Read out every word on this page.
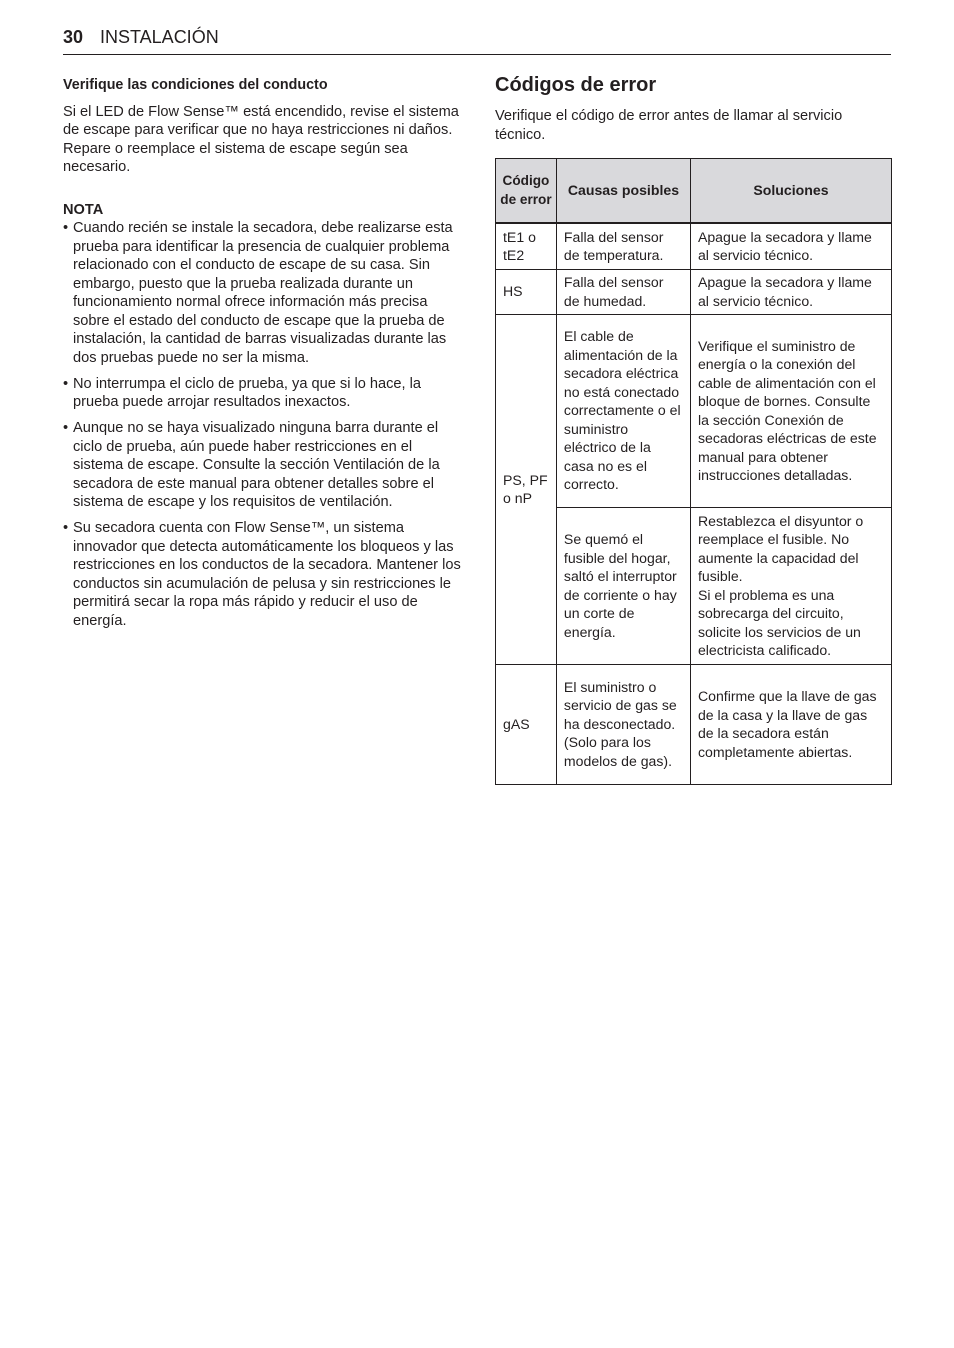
30 INSTALACIÓN

Verifique las condiciones del conducto

Si el LED de Flow Sense™ está encendido, revise el sistema de escape para verificar que no haya restricciones ni daños. Repare o reemplace el sistema de escape según sea necesario.

NOTA

• Cuando recién se instale la secadora, debe realizarse esta prueba para identificar la presencia de cualquier problema relacionado con el conducto de escape de su casa. Sin embargo, puesto que la prueba realizada durante un funcionamiento normal ofrece información más precisa sobre el estado del conducto de escape que la prueba de instalación, la cantidad de barras visualizadas durante las dos pruebas puede no ser la misma.
• No interrumpa el ciclo de prueba, ya que si lo hace, la prueba puede arrojar resultados inexactos.
• Aunque no se haya visualizado ninguna barra durante el ciclo de prueba, aún puede haber restricciones en el sistema de escape. Consulte la sección Ventilación de la secadora de este manual para obtener detalles sobre el sistema de escape y los requisitos de ventilación.
• Su secadora cuenta con Flow Sense™, un sistema innovador que detecta automáticamente los bloqueos y las restricciones en los conductos de la secadora. Mantener los conductos sin acumulación de pelusa y sin restricciones le permitirá secar la ropa más rápido y reducir el uso de energía.
Códigos de error

Verifique el código de error antes de llamar al servicio técnico.

Código de error	Causas posibles	Soluciones
tE1 o tE2	Falla del sensor de temperatura.	Apague la secadora y llame al servicio técnico.
HS	Falla del sensor de humedad.	Apague la secadora y llame al servicio técnico.
PS, PF o nP	El cable de alimentación de la secadora eléctrica no está conectado correctamente o el suministro eléctrico de la casa no es el correcto.	Verifique el suministro de energía o la conexión del cable de alimentación con el bloque de bornes. Consulte la sección Conexión de secadoras eléctricas de este manual para obtener instrucciones detalladas.
	Se quemó el fusible del hogar, saltó el interruptor de corriente o hay un corte de energía.	Restablezca el disyuntor o reemplace el fusible. No aumente la capacidad del fusible.
Si el problema es una sobrecarga del circuito, solicite los servicios de un electricista calificado.
gAS	El suministro o servicio de gas se ha desconectado. (Solo para los modelos de gas).	Confirme que la llave de gas de la casa y la llave de gas de la secadora están completamente abiertas.
